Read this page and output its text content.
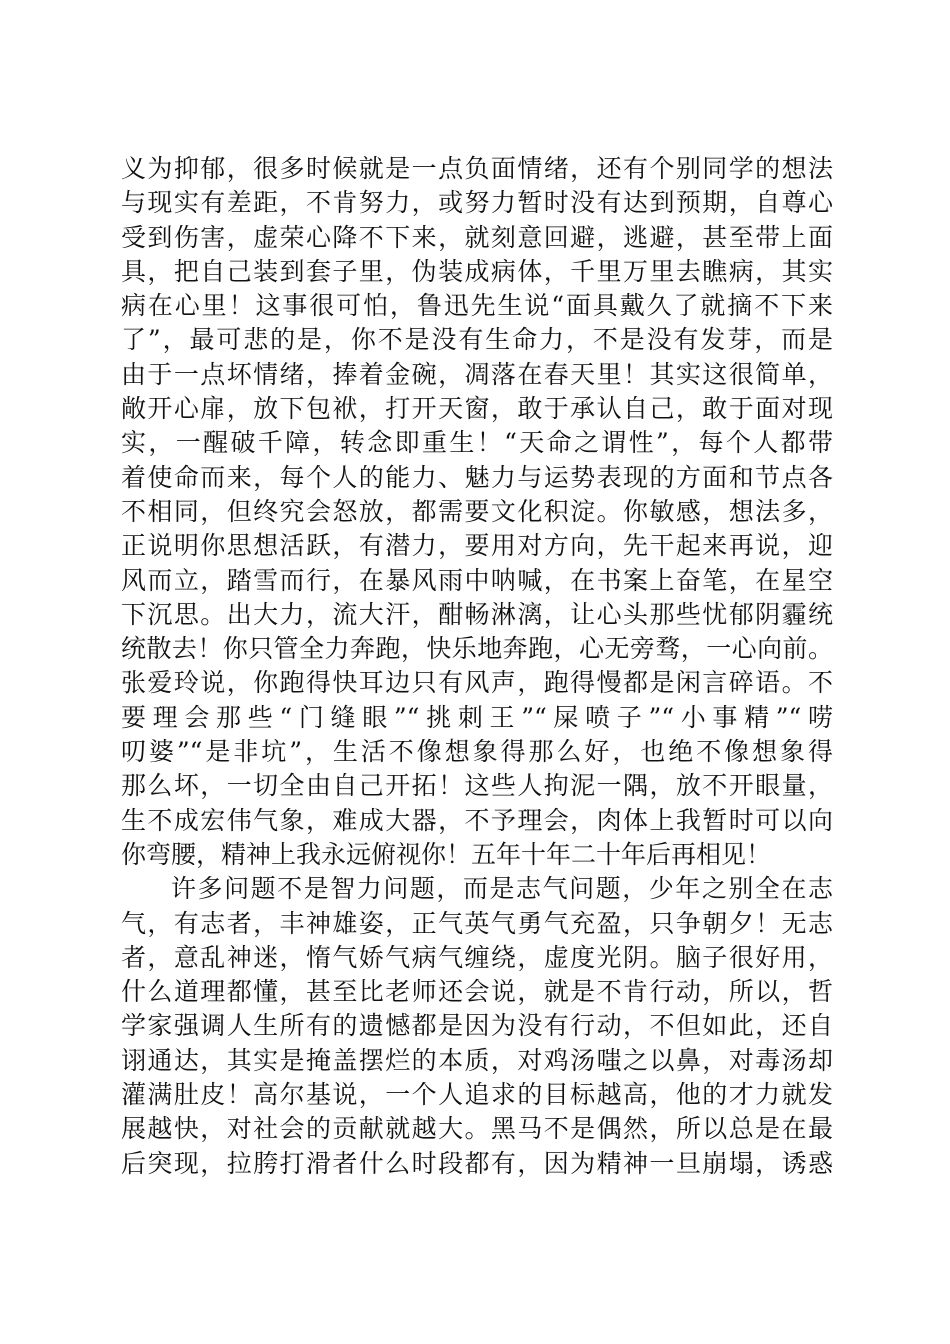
义为抑郁，很多时候就是一点负面情绪，还有个别同学的想法
与现实有差距，不肯努力，或努力暂时没有达到预期，自尊心
受到伤害，虚荣心降不下来，就刻意回避，逃避，甚至带上面
具，把自己装到套子里，伪装成病体，千里万里去瞧病，其实
病在心里！这事很可怕，鲁迅先生说“面具戴久了就摘不下来
了”，最可悲的是，你不是没有生命力，不是没有发芽，而是
由于一点坏情绪，捧着金碗，凋落在春天里！其实这很简单，
敞开心扉，放下包袱，打开天窗，敢于承认自己，敢于面对现
实，一醒破千障，转念即重生！“天命之谓性”，每个人都带
着使命而来，每个人的能力、魅力与运势表现的方面和节点各
不相同，但终究会怒放，都需要文化积淀。你敏感，想法多，
正说明你思想活跃，有潜力，要用对方向，先干起来再说，迎
风而立，踏雪而行，在暴风雨中呐喊，在书案上奋笔，在星空
下沉思。出大力，流大汗，酣畅淋漓，让心头那些忧郁阴霾统
统散去！你只管全力奔跑，快乐地奔跑，心无旁骛，一心向前。
张爱玲说，你跑得快耳边只有风声，跑得慢都是闲言碎语。不
要理会那些“门缝眼”“挑刺王”“屎喷子”“小事精”“唠
叨婆”“是非坑”，生活不像想象得那么好，也绝不像想象得
那么坏，一切全由自己开拓！这些人拘泥一隅，放不开眼量，
生不成宏伟气象，难成大器，不予理会，肉体上我暂时可以向
你弯腰，精神上我永远俯视你！五年十年二十年后再相见！
许多问题不是智力问题，而是志气问题，少年之别全在志
气，有志者，丰神雄姿，正气英气勇气充盈，只争朝夕！无志
者，意乱神迷，惰气娇气病气缠绕，虚度光阴。脑子很好用，
什么道理都懂，甚至比老师还会说，就是不肯行动，所以，哲
学家强调人生所有的遗憾都是因为没有行动，不但如此，还自
诩通达，其实是掩盖摆烂的本质，对鸡汤嗤之以鼻，对毒汤却
灌满肚皮！高尔基说，一个人追求的目标越高，他的才力就发
展越快，对社会的贡献就越大。黑马不是偶然，所以总是在最
后突现，拉胯打滑者什么时段都有，因为精神一旦崩塌，诱惑
